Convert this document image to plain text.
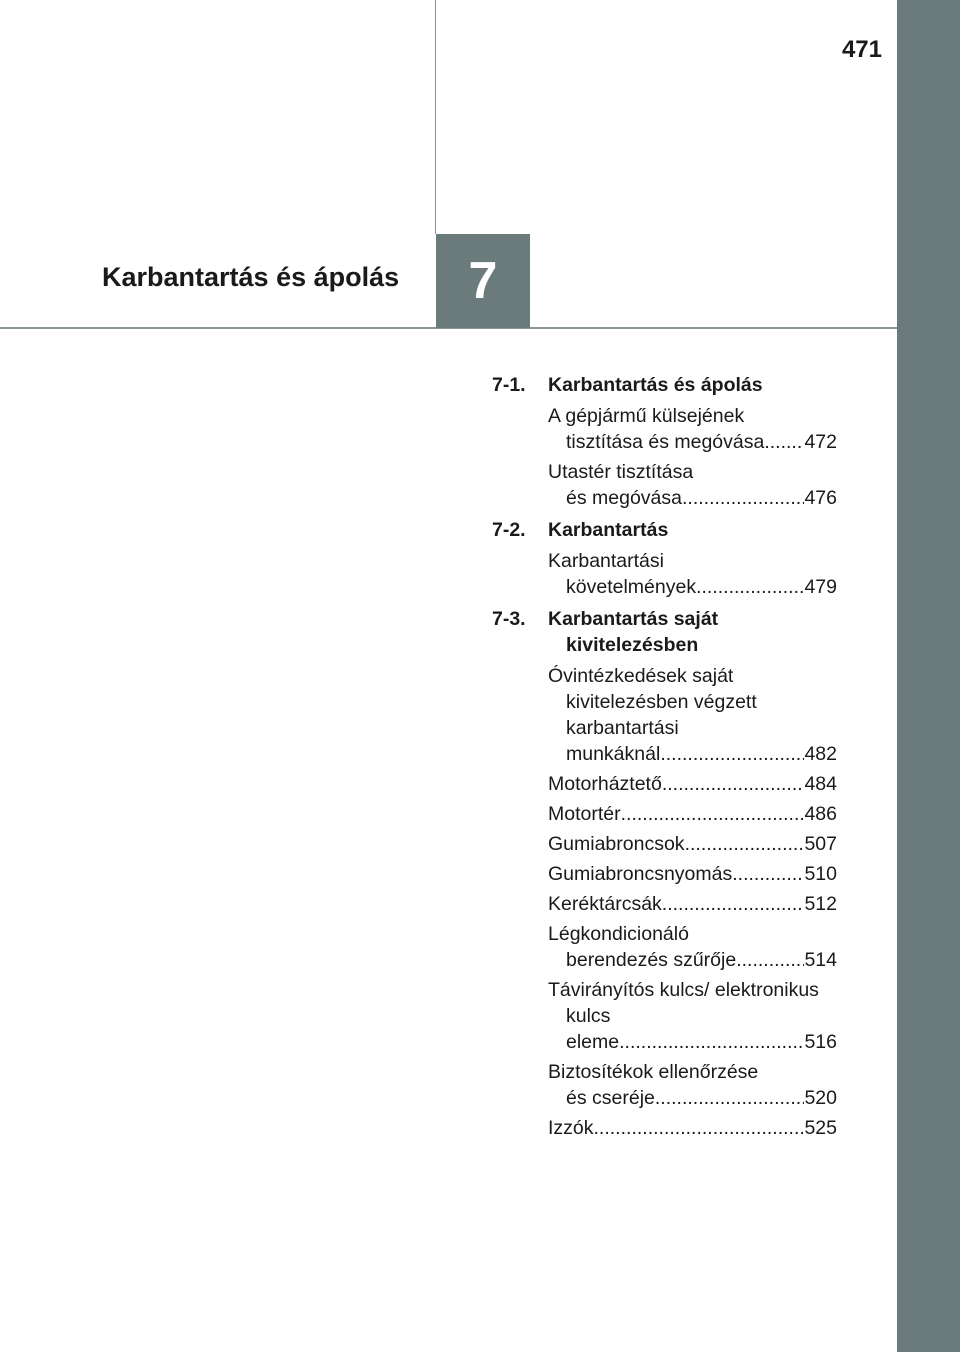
471
Karbantartás és ápolás 7
7-1.	Karbantartás és ápolás
A gépjármű külsejének
tisztítása és megóvása ..... 472
Utastér tisztítása
és megóvása .....	476
7-2.	Karbantartás
Karbantartási
követelmények .....	479
7-3.	Karbantartás saját kivitelezésben
Óvintézkedések saját kivitelezésben végzett karbantartási
munkáknál .....	482
Motorháztető .....	484
Motortér .....	486
Gumiabroncsok .....	507
Gumiabroncsnyomás .....	510
Keréktárcsák .....	512
Légkondicionáló
berendezés szűrője .....	514
Távirányítós kulcs/ elektronikus kulcs
eleme .....	516
Biztosítékok ellenőrzése
és cseréje .....	520
Izzók .....	525
